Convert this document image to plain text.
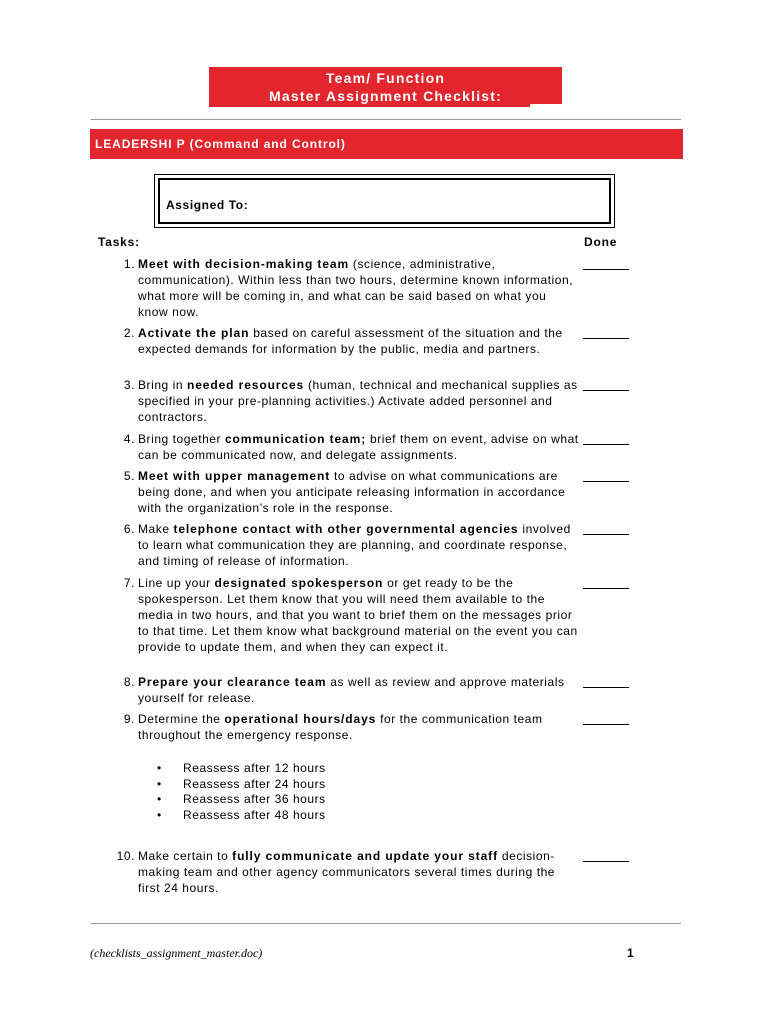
Team/ Function
Master Assignment Checklist:
LEADERSHI P (Command and Control)
Assigned To:
Tasks:	Done
1. Meet with decision-making team (science, administrative, communication). Within less than two hours, determine known information, what more will be coming in, and what can be said based on what you know now.
2. Activate the plan based on careful assessment of the situation and the expected demands for information by the public, media and partners.
3. Bring in needed resources (human, technical and mechanical supplies as specified in your pre-planning activities.) Activate added personnel and contractors.
4. Bring together communication team; brief them on event, advise on what can be communicated now, and delegate assignments.
5. Meet with upper management to advise on what communications are being done, and when you anticipate releasing information in accordance with the organization’s role in the response.
6. Make telephone contact with other governmental agencies involved to learn what communication they are planning, and coordinate response, and timing of release of information.
7. Line up your designated spokesperson or get ready to be the spokesperson. Let them know that you will need them available to the media in two hours, and that you want to brief them on the messages prior to that time. Let them know what background material on the event you can provide to update them, and when they can expect it.
8. Prepare your clearance team as well as review and approve materials yourself for release.
9. Determine the operational hours/days for the communication team throughout the emergency response.
• Reassess after 12 hours
• Reassess after 24 hours
• Reassess after 36 hours
• Reassess after 48 hours
10. Make certain to fully communicate and update your staff decision-making team and other agency communicators several times during the first 24 hours.
(checklists_assignment_master.doc)	1
